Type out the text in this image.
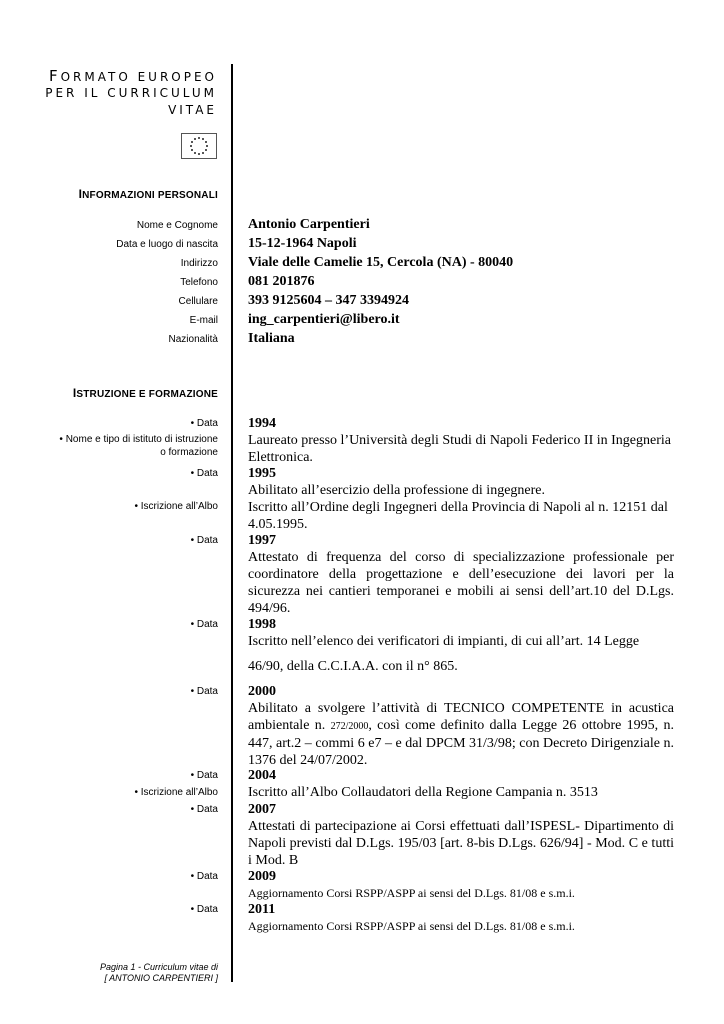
FORMATO EUROPEO
PER IL CURRICULUM
VITAE
INFORMAZIONI PERSONALI
Nome e Cognome Antonio Carpentieri
Data e luogo di nascita 15-12-1964 Napoli
Indirizzo Viale delle Camelie 15, Cercola (NA) - 80040
Telefono 081 201876
Cellulare 393 9125604 – 347 3394924
E-mail ing_carpentieri@libero.it
Nazionalità Italiana
ISTRUZIONE E FORMAZIONE
• Data 1994
• Nome e tipo di istituto di istruzione
o formazione
Laureato presso l’Università degli Studi di Napoli Federico II in Ingegneria Elettronica.
• Data 1995
Abilitato all’esercizio della professione di ingegnere.
• Iscrizione all’Albo Iscritto all’Ordine degli Ingegneri della Provincia di Napoli al n. 12151 dal 4.05.1995.
• Data 1997
Attestato di frequenza del corso di specializzazione professionale per coordinatore della progettazione e dell’esecuzione dei lavori per la sicurezza nei cantieri temporanei e mobili ai sensi dell’art.10 del D.Lgs. 494/96.
• Data 1998
Iscritto nell’elenco dei verificatori di impianti, di cui all’art. 14 Legge
46/90, della C.C.I.A.A. con il n° 865.
• Data 2000
Abilitato a svolgere l’attività di TECNICO COMPETENTE in acustica ambientale n. 272/2000, così come definito dalla Legge 26 ottobre 1995, n. 447, art.2 – commi 6 e7 – e dal DPCM 31/3/98; con Decreto Dirigenziale n. 1376 del 24/07/2002.
• Data 2004
• Iscrizione all’Albo Iscritto all’Albo Collaudatori della Regione Campania n. 3513
• Data 2007
Attestati di partecipazione ai Corsi effettuati dall’ISPESL- Dipartimento di Napoli previsti dal D.Lgs. 195/03 [art. 8-bis D.Lgs. 626/94] - Mod. C e tutti i Mod. B
• Data 2009
Aggiornamento Corsi RSPP/ASPP ai sensi del D.Lgs. 81/08 e s.m.i.
• Data 2011
Aggiornamento Corsi RSPP/ASPP ai sensi del D.Lgs. 81/08 e s.m.i.
Pagina 1 - Curriculum vitae di
[ ANTONIO CARPENTIERI ]
